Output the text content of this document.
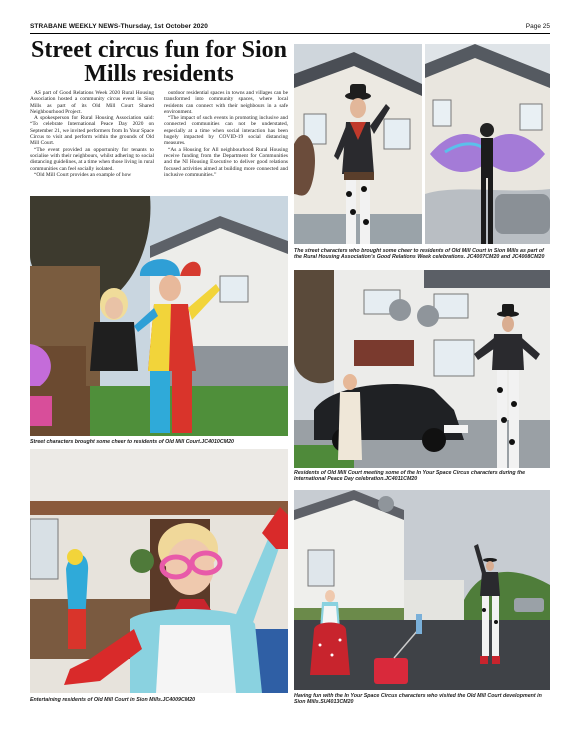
STRABANE WEEKLY NEWS-Thursday, 1st October 2020	Page 25
Street circus fun for Sion Mills residents

AS part of Good Relations Week 2020 Rural Housing Association hosted a community circus event in Sion Mills as part of its Old Mill Court Shared Neighbourhood Project.

A spokesperson for Rural Housing Association said: “To celebrate International Peace Day 2020 on September 21, we invited performers from In Your Space Circus to visit and perform within the grounds of Old Mill Court.

“The event provided an opportunity for tenants to socialise with their neighbours, whilst adhering to social distancing guidelines, at a time when those living in rural communities can feel socially isolated.

“Old Mill Court provides an example of how

outdoor residential spaces in towns and villages can be transformed into community spaces, where local residents can connect with their neighbours in a safe environment.

“The impact of such events in promoting inclusive and connected communities can not be understated, especially at a time when social interaction has been hugely impacted by COVID-19 social distancing measures.

“As a Housing for All neighbourhood Rural Housing receive funding from the Department for Communities and the NI Housing Executive to deliver good relations focused activities aimed at building more connected and inclusive communities.”

The street characters who brought some cheer to residents of Old Mill Court in Sion Mills as part of the Rural Housing Association’s Good Relations Week celebrations. JC4007CM20 and JC4008CM20
Street characters brought some cheer to residents of Old Mill Court.JC4010CM20
Residents of Old Mill Court meeting some of the In Your Space Circus characters during the International Peace Day celebration.JC4011CM20
Entertaining residents of Old Mill Court in Sion Mills.JC4009CM20
Having fun with the In Your Space Circus characters who visited the Old Mill Court development in Sion Mills.SU4013CM20
